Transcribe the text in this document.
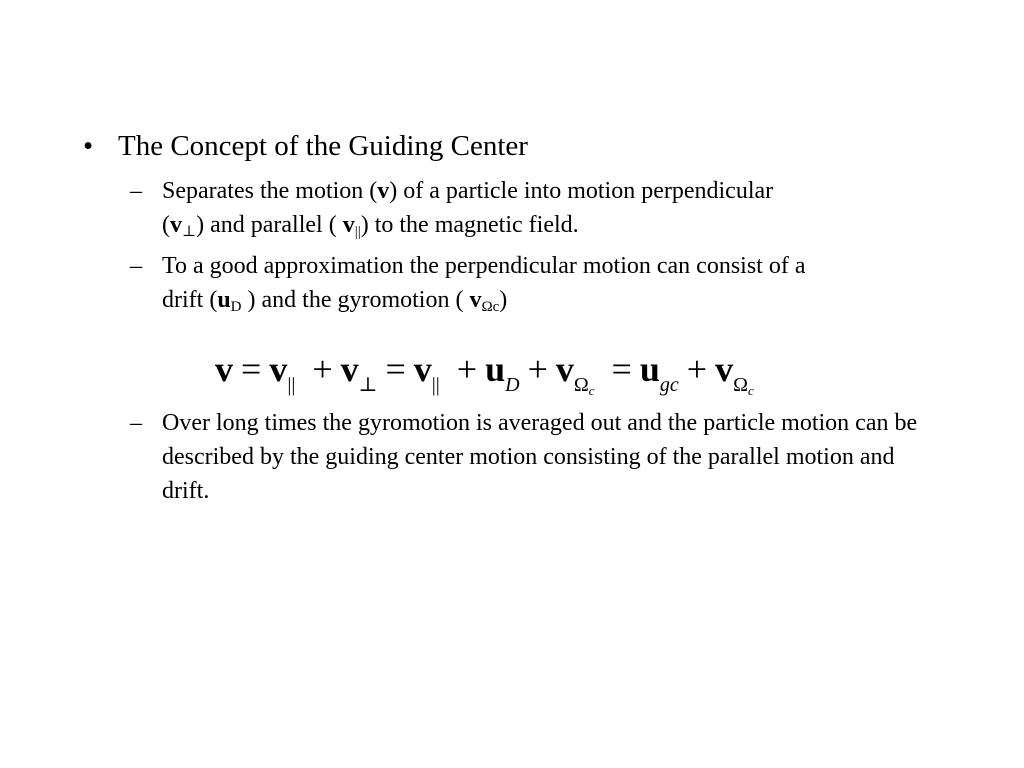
• The Concept of the Guiding Center
– Separates the motion (v) of a particle into motion perpendicular
$(v_\perp)$ and parallel ( $v_{||}$) to the magnetic field.
– To a good approximation the perpendicular motion can consist of a
drift ($u_D$ ) and the gyromotion ( $v_{\Omega c}$)
$v = v_{||} + v_\perp = v_{||} + u_D + v_{\Omega_c} = u_{gc} + v_{\Omega_c}$
– Over long times the gyromotion is averaged out and the particle motion can be described by the guiding center motion consisting of the parallel motion and drift.
